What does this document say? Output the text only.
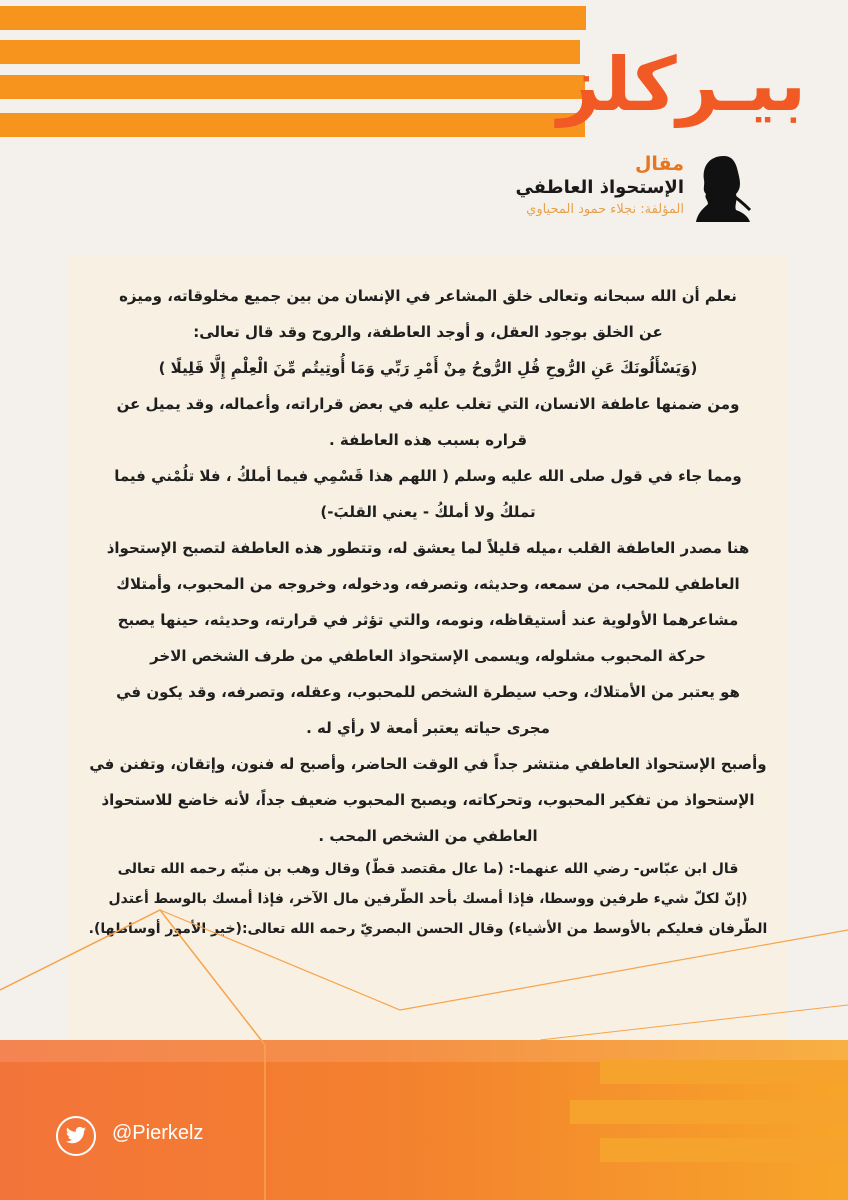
بيـركلز
مقال
الإستحواذ العاطفي
المؤلفة: نجلاء حمود المحياوي

نعلم أن الله سبحانه وتعالى خلق المشاعر في الإنسان من بين جميع مخلوقاته، وميزه

عن الخلق بوجود العقل، و أوجد العاطفة، والروح وقد قال تعالى:

(وَيَسْأَلُونَكَ عَنِ الرُّوحِ قُلِ الرُّوحُ مِنْ أَمْرِ رَبِّي وَمَا أُوتِيتُم مِّنَ الْعِلْمِ إِلَّا قَلِيلًا )

ومن ضمنها عاطفة الانسان، التي تغلب عليه في بعض قراراته، وأعماله، وقد يميل عن

قراره بسبب هذه العاطفة .

ومما جاء في قول صلى الله عليه وسلم ( اللهم هذا قَسْمِي فيما أملكُ ، فلا تلُمْني فيما

تملكُ ولا أملكُ - يعني القلبَ-)

هنا مصدر العاطفة القلب ،ميله قليلاً لما يعشق له، وتتطور هذه العاطفة لتصبح الإستحواذ

العاطفي للمحب، من سمعه، وحديثه، وتصرفه، ودخوله، وخروجه من المحبوب، وأمتلاك

مشاعرهما الأولوية عند أستيقاظه، ونومه، والتي تؤثر في قرارته، وحديثه، حينها يصبح

حركة المحبوب مشلوله، ويسمى الإستحواذ العاطفي من طرف الشخص الاخر

هو يعتبر من الأمتلاك، وحب سيطرة الشخص للمحبوب، وعقله، وتصرفه، وقد يكون في

مجرى حياته يعتبر أمعة لا رأي له .

وأصبح الإستحواذ العاطفي منتشر جداً في الوقت الحاضر، وأصبح له فنون، وإتقان، وتفنن في

الإستحواذ من تفكير المحبوب، وتحركاته، ويصبح المحبوب ضعيف جداً، لأنه خاضع للاستحواذ

العاطفي من الشخص المحب .

قال ابن عبّاس- رضي الله عنهما-: (ما عال مقتصد قطّ) وقال وهب بن منبّه رحمه الله تعالى

(إنّ لكلّ شيء طرفين ووسطا، فإذا أمسك بأحد الطّرفين مال الآخر، فإذا أمسك بالوسط أعتدل

الطّرفان فعليكم بالأوسط من الأشياء) وقال الحسن البصريّ رحمه الله تعالى:(خير الأمور أوساطها).

@Pierkelz
